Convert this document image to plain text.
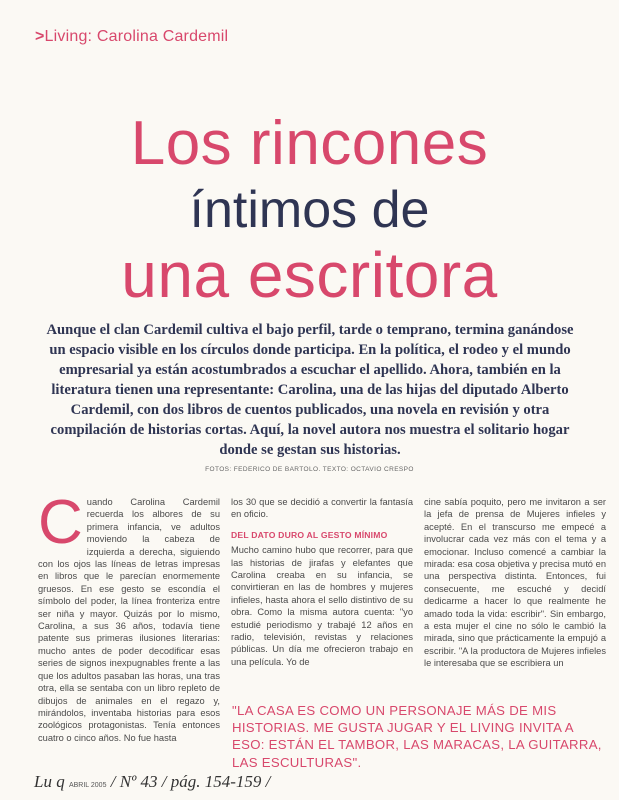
>Living: Carolina Cardemil
Los rincones
íntimos de
una escritora
Aunque el clan Cardemil cultiva el bajo perfil, tarde o temprano, termina ganándose un espacio visible en los círculos donde participa. En la política, el rodeo y el mundo empresarial ya están acostumbrados a escuchar el apellido. Ahora, también en la literatura tienen una representante: Carolina, una de las hijas del diputado Alberto Cardemil, con dos libros de cuentos publicados, una novela en revisión y otra compilación de historias cortas. Aquí, la novel autora nos muestra el solitario hogar donde se gestan sus historias.
FOTOS: FEDERICO DE BARTOLO. TEXTO: OCTAVIO CRESPO
Cuando Carolina Cardemil recuerda los albores de su primera infancia, ve adultos moviendo la cabeza de izquierda a derecha, siguiendo con los ojos las líneas de letras impresas en libros que le parecían enormemente gruesos. En ese gesto se escondía el símbolo del poder, la línea fronteriza entre ser niña y mayor. Quizás por lo mismo, Carolina, a sus 36 años, todavía tiene patente sus primeras ilusiones literarias: mucho antes de poder decodificar esas series de signos inexpugnables frente a las que los adultos pasaban las horas, una tras otra, ella se sentaba con un libro repleto de dibujos de animales en el regazo y, mirándolos, inventaba historias para esos zoológicos protagonistas. Tenía entonces cuatro o cinco años. No fue hasta
los 30 que se decidió a convertir la fantasía en oficio.
DEL DATO DURO AL GESTO MÍNIMO
Mucho camino hubo que recorrer, para que las historias de jirafas y elefantes que Carolina creaba en su infancia, se convirtieran en las de hombres y mujeres infieles, hasta ahora el sello distintivo de su obra. Como la misma autora cuenta: "yo estudié periodismo y trabajé 12 años en radio, televisión, revistas y relaciones públicas. Un día me ofrecieron trabajo en una película. Yo de
cine sabía poquito, pero me invitaron a ser la jefa de prensa de Mujeres infieles y acepté. En el transcurso me empecé a involucrar cada vez más con el tema y a emocionar. Incluso comencé a cambiar la mirada: esa cosa objetiva y precisa mutó en una perspectiva distinta. Entonces, fui consecuente, me escuché y decidí dedicarme a hacer lo que realmente he amado toda la vida: escribir". Sin embargo, a esta mujer el cine no sólo le cambió la mirada, sino que prácticamente la empujó a escribir. "A la productora de Mujeres infieles le interesaba que se escribiera un
"LA CASA ES COMO UN PERSONAJE MÁS DE MIS HISTORIAS. ME GUSTA JUGAR Y EL LIVING INVITA A ESO: ESTÁN EL TAMBOR, LAS MARACAS, LA GUITARRA, LAS ESCULTURAS".
Lu q ABRIL 2005 / Nº 43 / pág. 154-159 /
